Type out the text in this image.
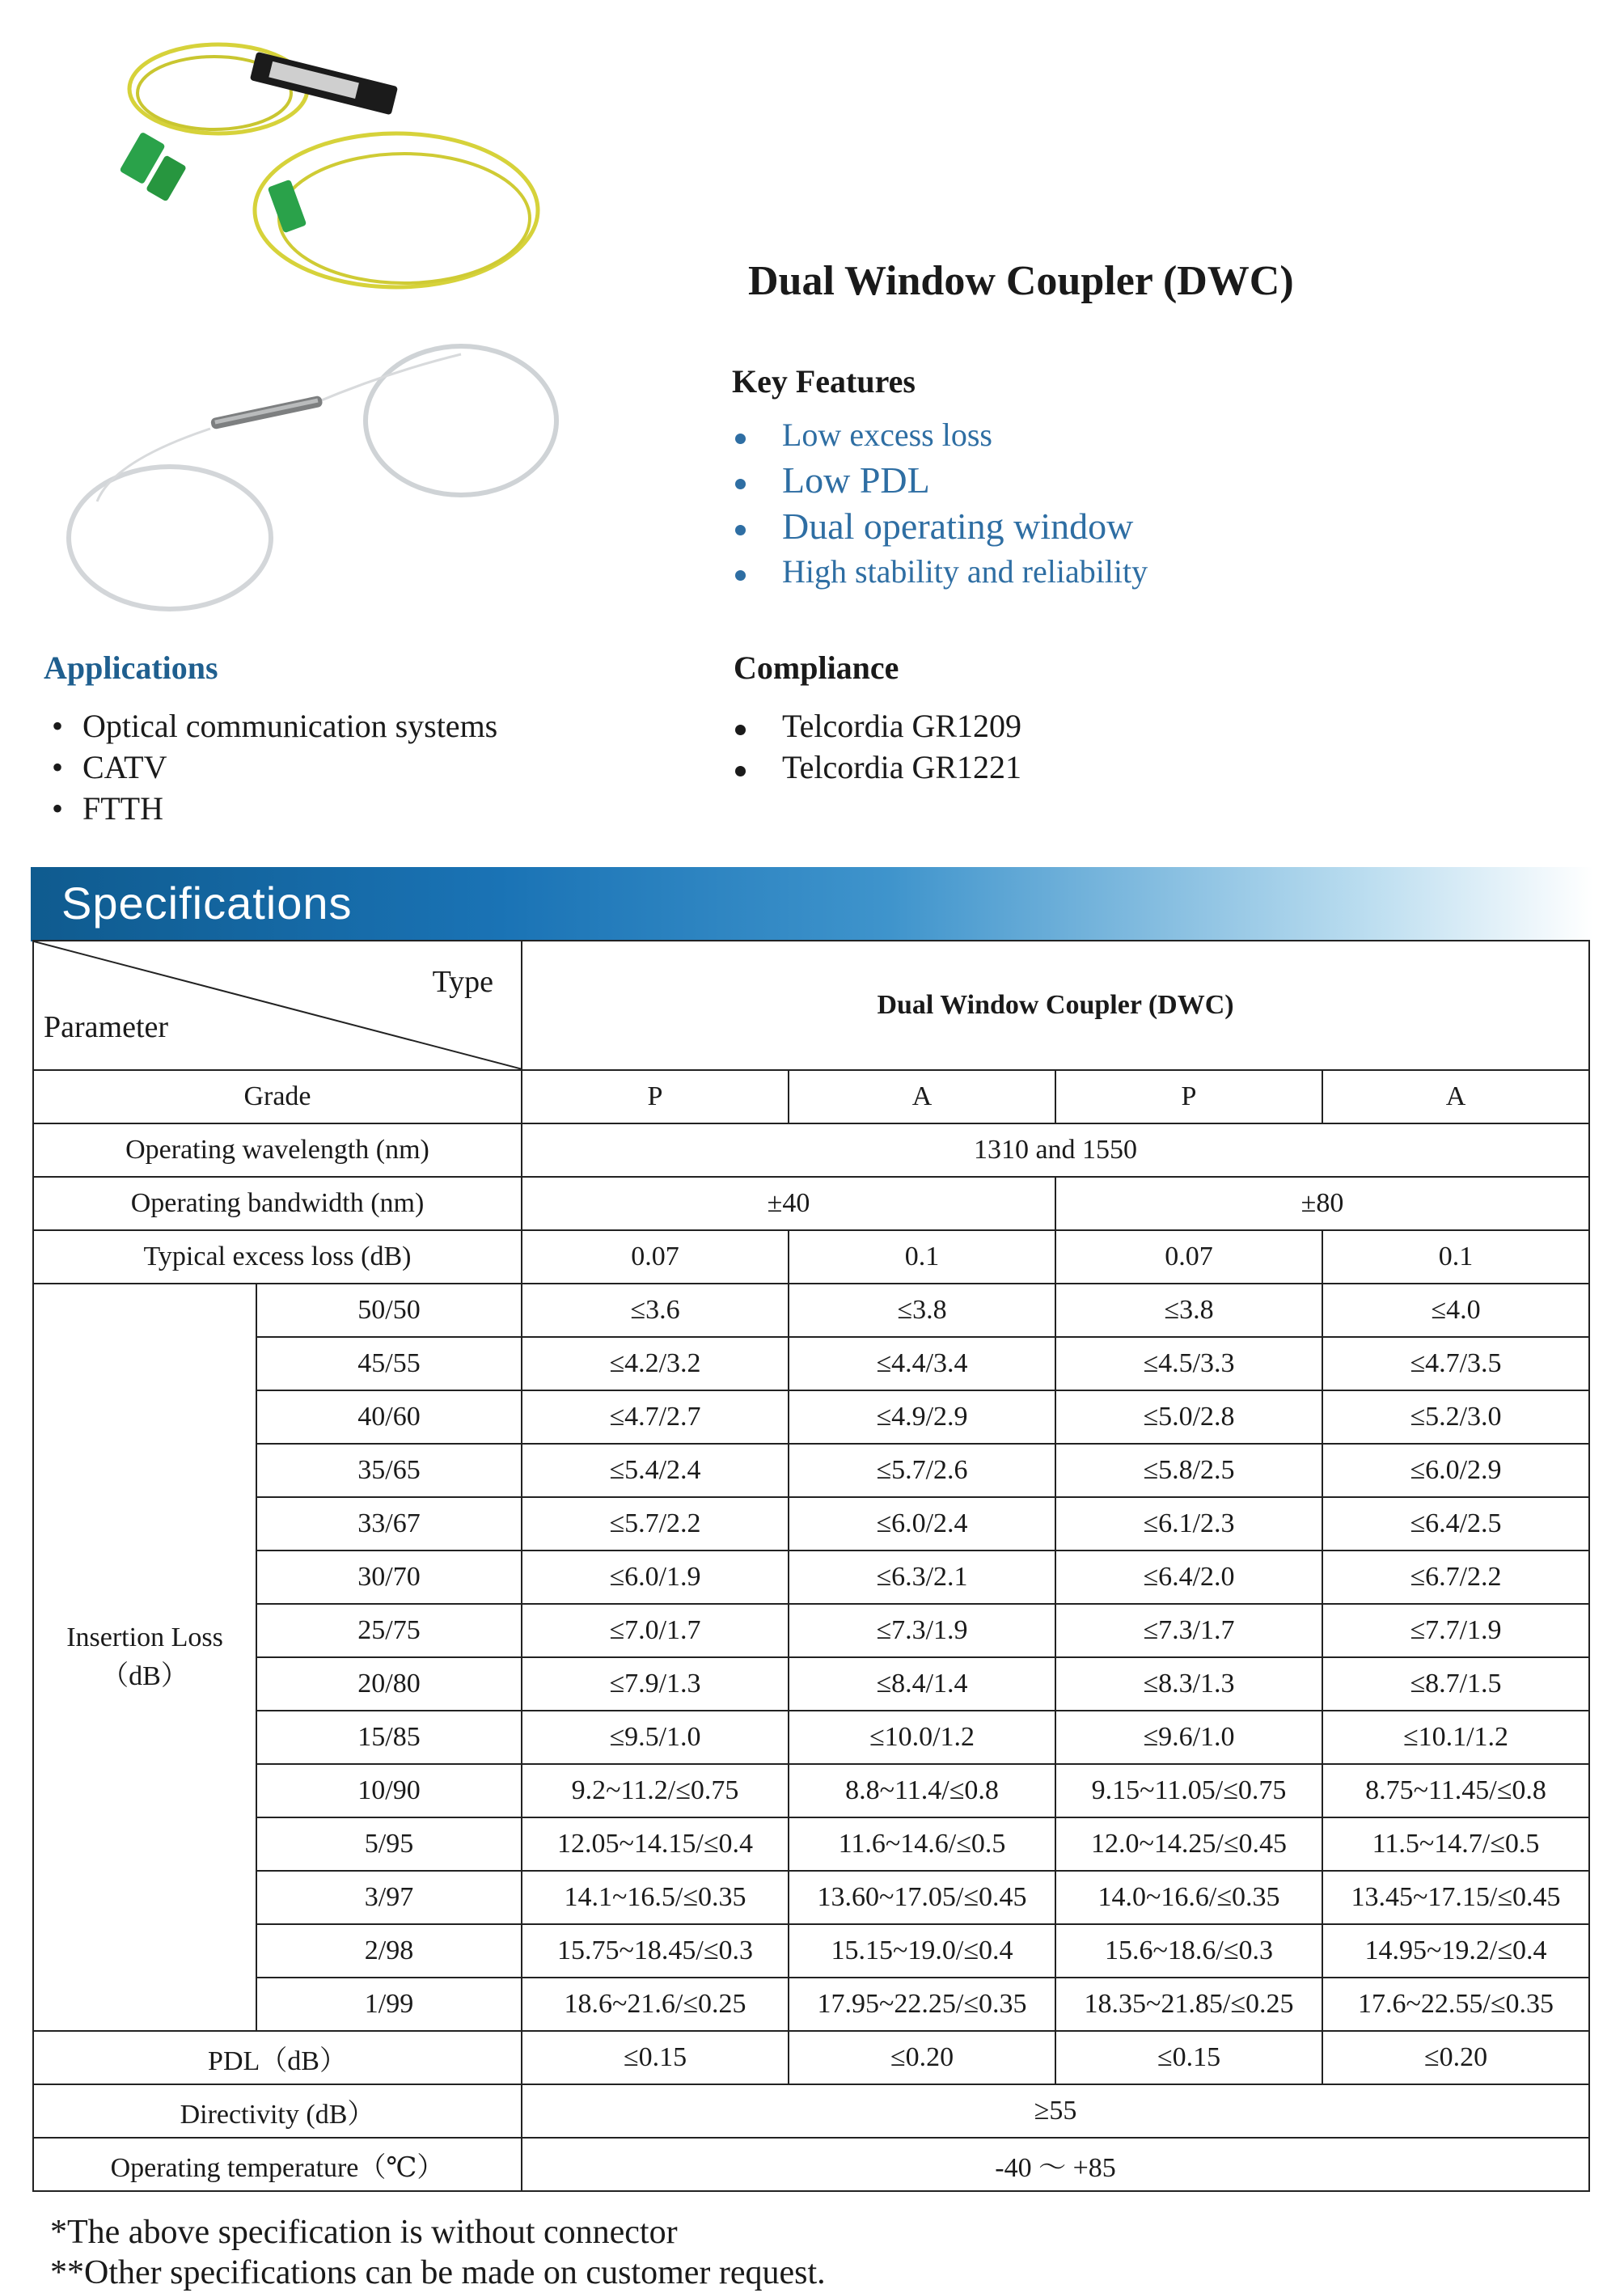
Dual Window Coupler (DWC)
Key Features
Low excess loss
Low PDL
Dual operating window
High stability and reliability
Applications
• Optical communication systems
• CATV
• FTTH
Compliance
Telcordia GR1209
Telcordia GR1221
Specifications
Type
Parameter		Dual Window Coupler (DWC)			
Grade		P	A	P	A
Operating wavelength (nm)		1310 and 1550			
Operating bandwidth (nm)		±40		±80	
Typical excess loss (dB)		0.07	0.1	0.07	0.1
Insertion Loss
（dB）	50/50	≤3.6	≤3.8	≤3.8	≤4.0
	45/55	≤4.2/3.2	≤4.4/3.4	≤4.5/3.3	≤4.7/3.5
	40/60	≤4.7/2.7	≤4.9/2.9	≤5.0/2.8	≤5.2/3.0
	35/65	≤5.4/2.4	≤5.7/2.6	≤5.8/2.5	≤6.0/2.9
	33/67	≤5.7/2.2	≤6.0/2.4	≤6.1/2.3	≤6.4/2.5
	30/70	≤6.0/1.9	≤6.3/2.1	≤6.4/2.0	≤6.7/2.2
	25/75	≤7.0/1.7	≤7.3/1.9	≤7.3/1.7	≤7.7/1.9
	20/80	≤7.9/1.3	≤8.4/1.4	≤8.3/1.3	≤8.7/1.5
	15/85	≤9.5/1.0	≤10.0/1.2	≤9.6/1.0	≤10.1/1.2
	10/90	9.2~11.2/≤0.75	8.8~11.4/≤0.8	9.15~11.05/≤0.75	8.75~11.45/≤0.8
	5/95	12.05~14.15/≤0.4	11.6~14.6/≤0.5	12.0~14.25/≤0.45	11.5~14.7/≤0.5
	3/97	14.1~16.5/≤0.35	13.60~17.05/≤0.45	14.0~16.6/≤0.35	13.45~17.15/≤0.45
	2/98	15.75~18.45/≤0.3	15.15~19.0/≤0.4	15.6~18.6/≤0.3	14.95~19.2/≤0.4
	1/99	18.6~21.6/≤0.25	17.95~22.25/≤0.35	18.35~21.85/≤0.25	17.6~22.55/≤0.35
PDL（dB）		≤0.15	≤0.20	≤0.15	≤0.20
Directivity (dB）		≥55			
Operating temperature（℃）		-40 ～ +85			
*The above specification is without connector
**Other specifications can be made on customer request.
